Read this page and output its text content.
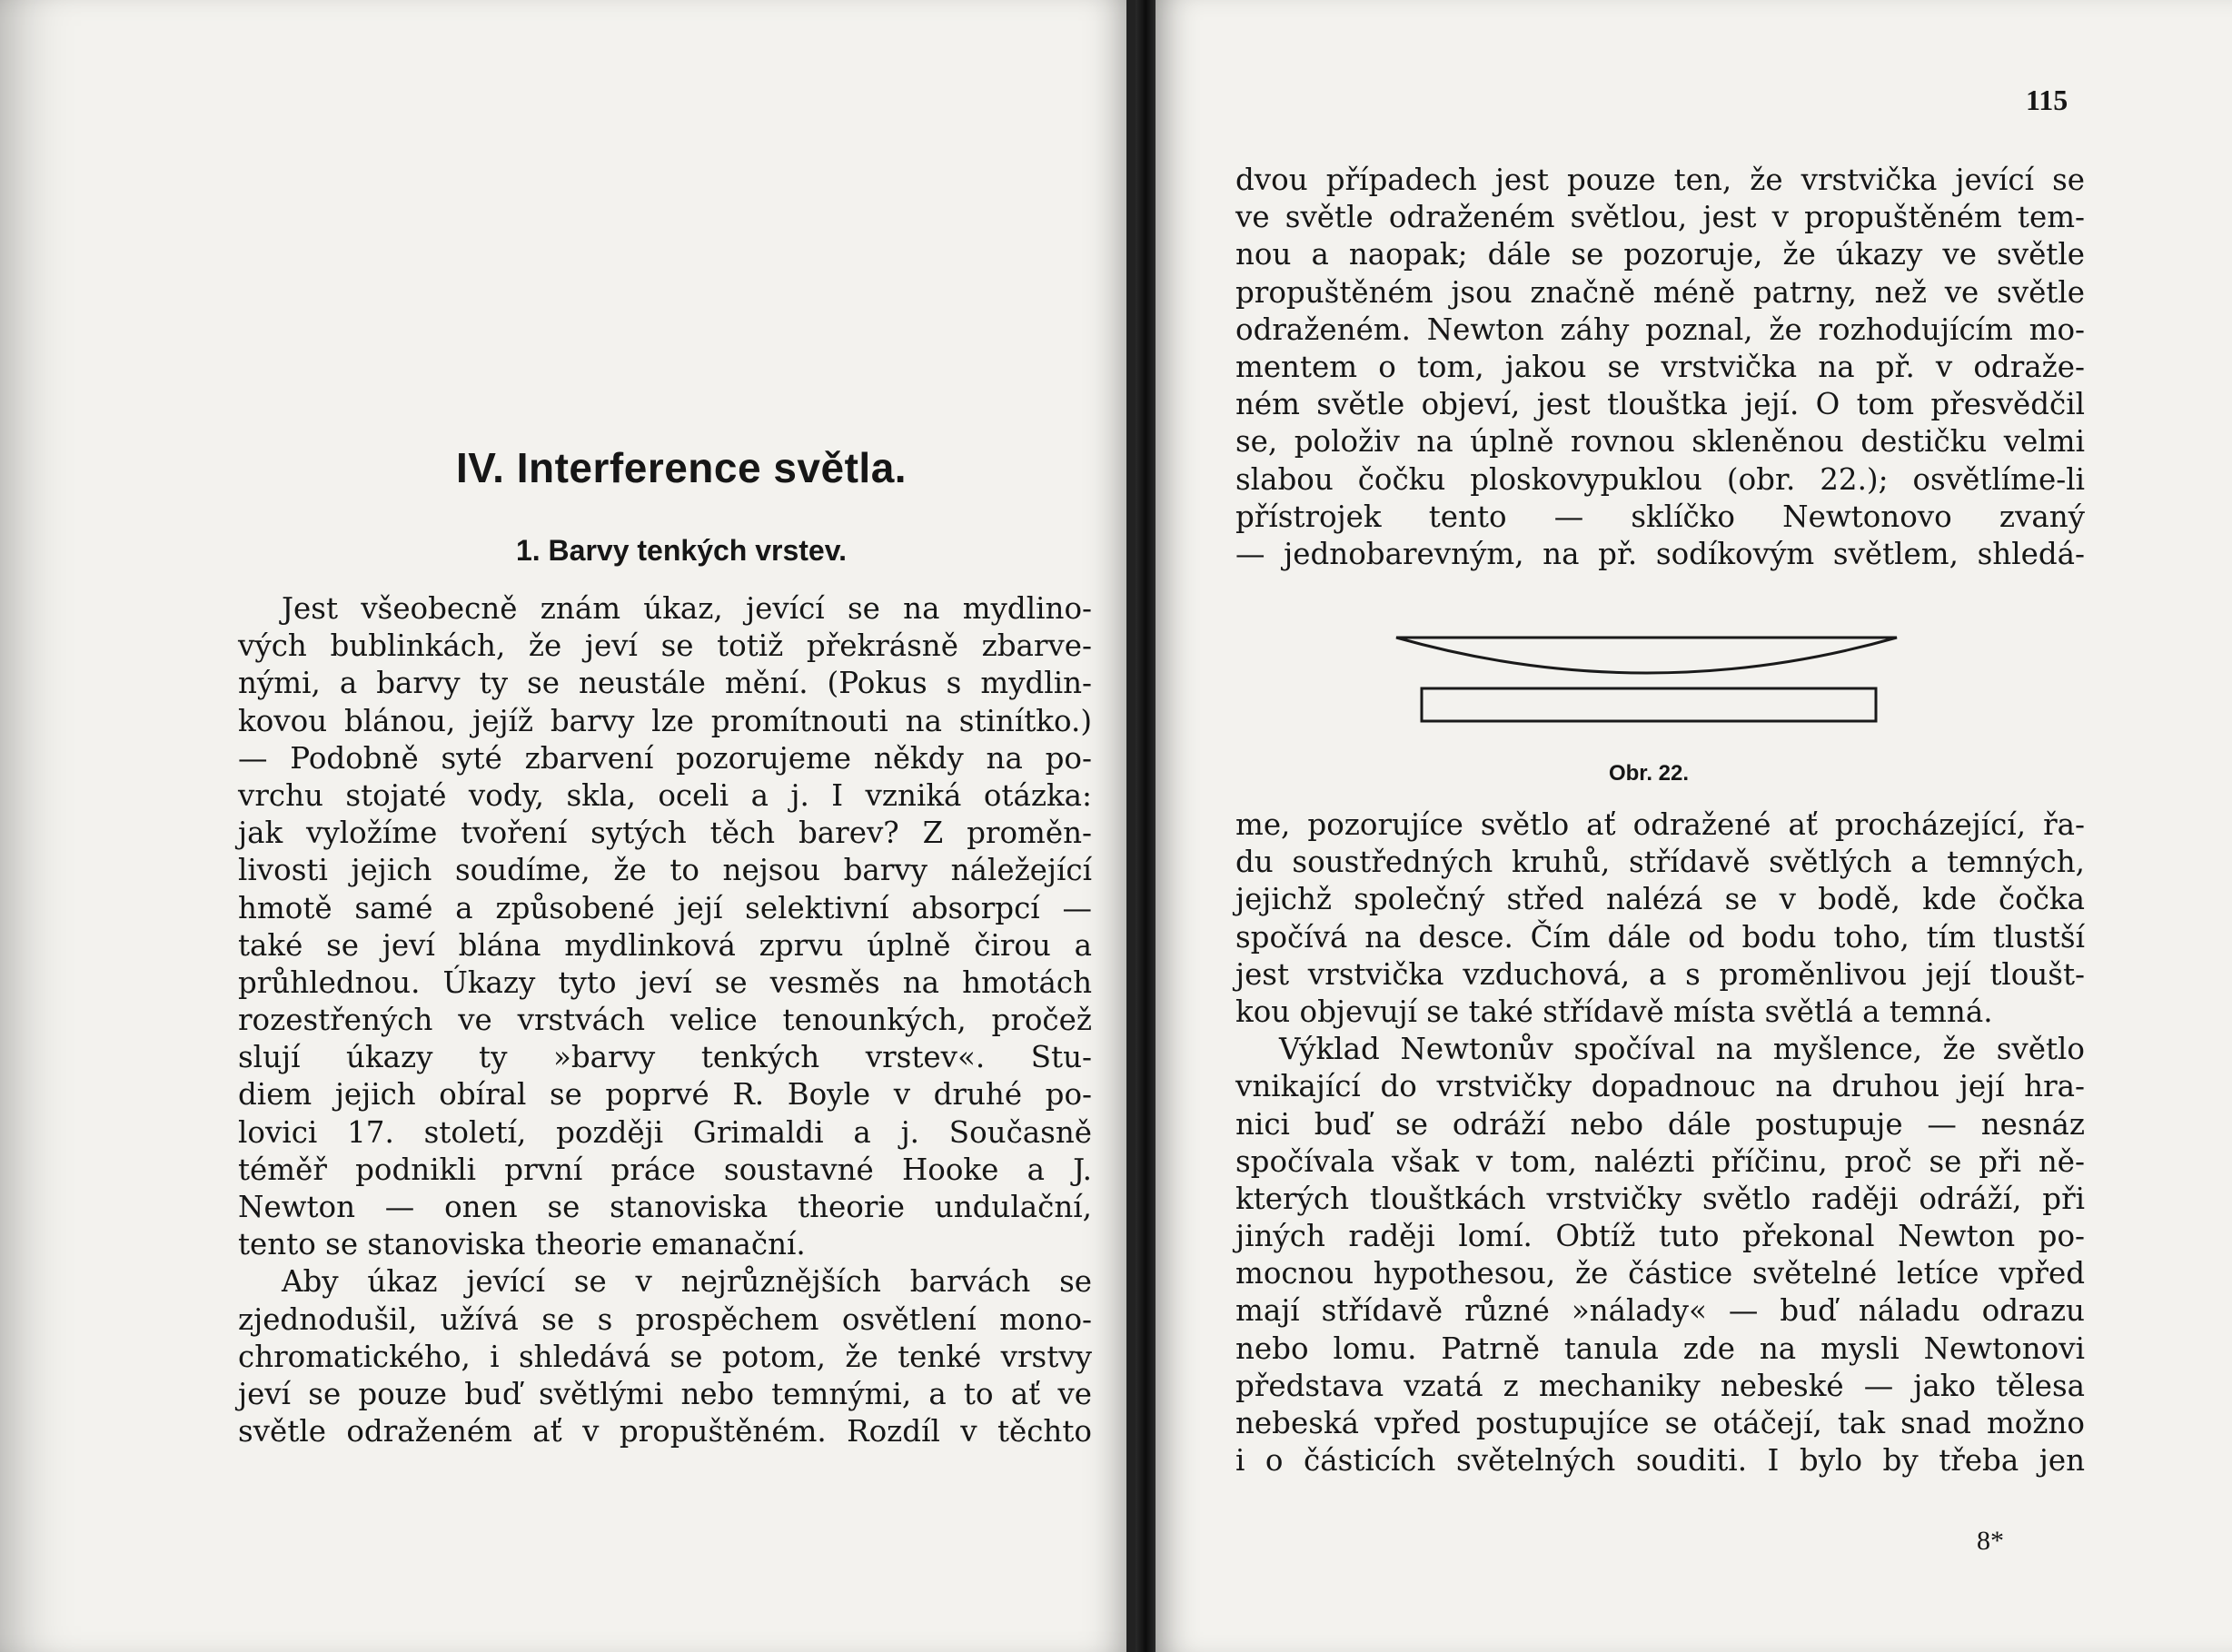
IV. Interference světla.
1. Barvy tenkých vrstev.
Jest všeobecně znám úkaz, jevící se na mydlino-
vých bublinkách, že jeví se totiž překrásně zbarve-
nými, a barvy ty se neustále mění. (Pokus s mydlin-
kovou blánou, jejíž barvy lze promítnouti na stinítko.)
— Podobně syté zbarvení pozorujeme někdy na po-
vrchu stojaté vody, skla, oceli a j. I vzniká otázka:
jak vyložíme tvoření sytých těch barev? Z proměn-
livosti jejich soudíme, že to nejsou barvy náležející
hmotě samé a způsobené její selektivní absorpcí —
také se jeví blána mydlinková zprvu úplně čirou a
průhlednou. Úkazy tyto jeví se vesměs na hmotách
rozestřených ve vrstvách velice tenounkých, pročež
slují úkazy ty »barvy tenkých vrstev«. Stu-
diem jejich obíral se poprvé R. Boyle v druhé po-
lovici 17. století, později Grimaldi a j. Současně
téměř podnikli první práce soustavné Hooke a J.
Newton — onen se stanoviska theorie undulační,
tento se stanoviska theorie emanační.
Aby úkaz jevící se v nejrůznějších barvách se
zjednodušil, užívá se s prospěchem osvětlení mono-
chromatického, i shledává se potom, že tenké vrstvy
jeví se pouze buď světlými nebo temnými, a to ať ve
světle odraženém ať v propuštěném. Rozdíl v těchto
115
dvou případech jest pouze ten, že vrstvička jevící se
ve světle odraženém světlou, jest v propuštěném tem-
nou a naopak; dále se pozoruje, že úkazy ve světle
propuštěném jsou značně méně patrny, než ve světle
odraženém. Newton záhy poznal, že rozhodujícím mo-
mentem o tom, jakou se vrstvička na př. v odraže-
ném světle objeví, jest tlouštka její. O tom přesvědčil
se, položiv na úplně rovnou skleněnou destičku velmi
slabou čočku ploskovypuklou (obr. 22.); osvětlíme-li
přístrojek tento — sklíčko Newtonovo zvaný
— jednobarevným, na př. sodíkovým světlem, shledá-
Obr. 22.
me, pozorujíce světlo ať odražené ať procházející, řa-
du soustředných kruhů, střídavě světlých a temných,
jejichž společný střed nalézá se v bodě, kde čočka
spočívá na desce. Čím dále od bodu toho, tím tlustší
jest vrstvička vzduchová, a s proměnlivou její tloušt-
kou objevují se také střídavě místa světlá a temná.
Výklad Newtonův spočíval na myšlence, že světlo
vnikající do vrstvičky dopadnouc na druhou její hra-
nici buď se odráží nebo dále postupuje — nesnáz
spočívala však v tom, nalézti příčinu, proč se při ně-
kterých tlouštkách vrstvičky světlo raději odráží, při
jiných raději lomí. Obtíž tuto překonal Newton po-
mocnou hypothesou, že částice světelné letíce vpřed
mají střídavě různé »nálady« — buď náladu odrazu
nebo lomu. Patrně tanula zde na mysli Newtonovi
představa vzatá z mechaniky nebeské — jako tělesa
nebeská vpřed postupujíce se otáčejí, tak snad možno
i o částicích světelných souditi. I bylo by třeba jen
8*
